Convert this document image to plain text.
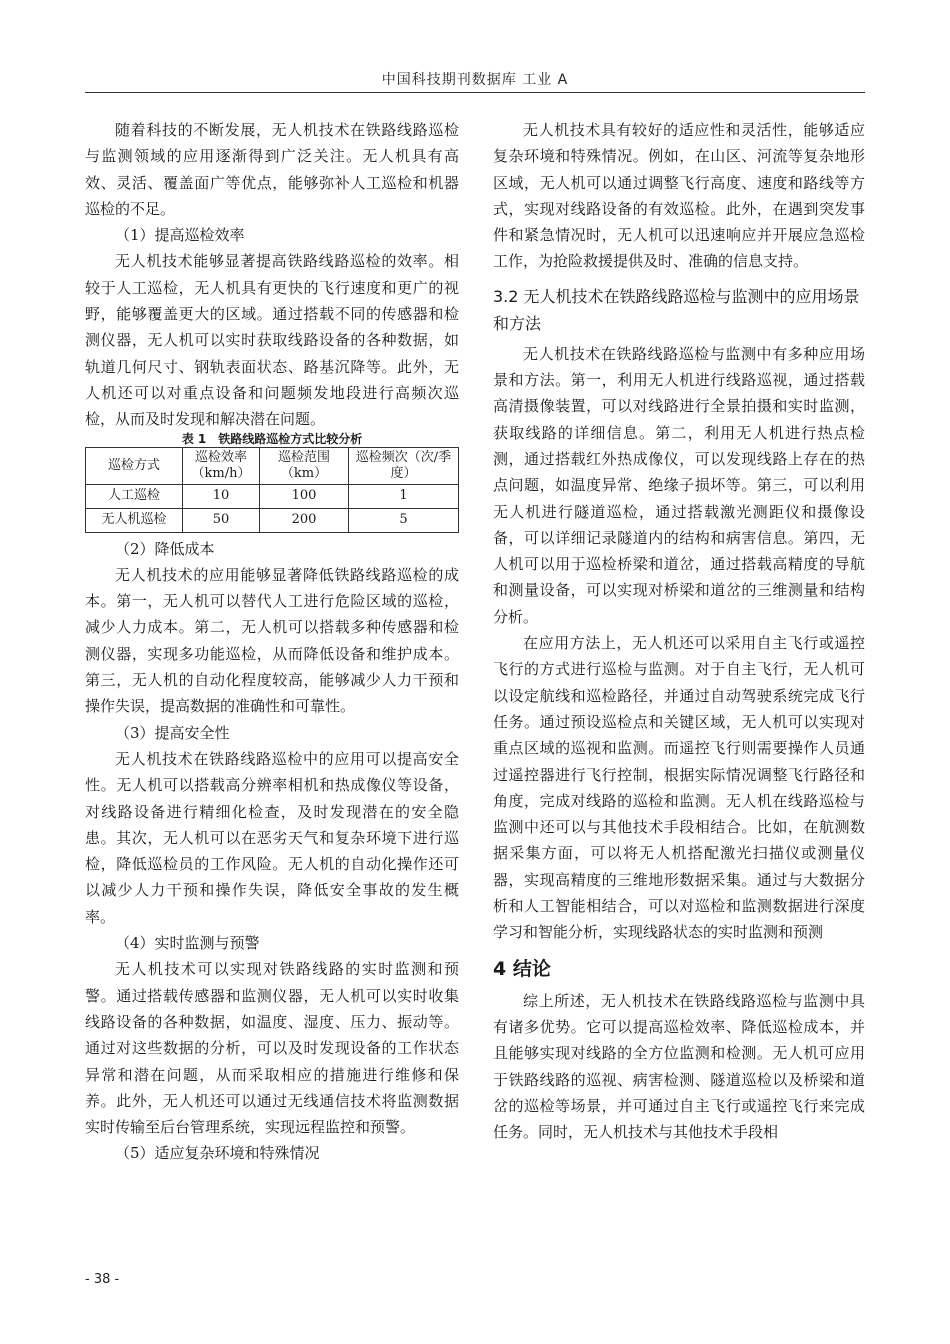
中国科技期刊数据库 工业 A

随着科技的不断发展，无人机技术在铁路线路巡检与监测领域的应用逐渐得到广泛关注。无人机具有高效、灵活、覆盖面广等优点，能够弥补人工巡检和机器巡检的不足。

（1）提高巡检效率

无人机技术能够显著提高铁路线路巡检的效率。相较于人工巡检，无人机具有更快的飞行速度和更广的视野，能够覆盖更大的区域。通过搭载不同的传感器和检测仪器，无人机可以实时获取线路设备的各种数据，如轨道几何尺寸、钢轨表面状态、路基沉降等。此外，无人机还可以对重点设备和问题频发地段进行高频次巡检，从而及时发现和解决潜在问题。

表 1　铁路线路巡检方式比较分析
巡检方式	巡检效率（km/h）	巡检范围（km）	巡检频次（次/季度）
人工巡检	10	100	1
无人机巡检	50	200	5

（2）降低成本

无人机技术的应用能够显著降低铁路线路巡检的成本。第一，无人机可以替代人工进行危险区域的巡检，减少人力成本。第二，无人机可以搭载多种传感器和检测仪器，实现多功能巡检，从而降低设备和维护成本。第三，无人机的自动化程度较高，能够减少人力干预和操作失误，提高数据的准确性和可靠性。

（3）提高安全性

无人机技术在铁路线路巡检中的应用可以提高安全性。无人机可以搭载高分辨率相机和热成像仪等设备，对线路设备进行精细化检查，及时发现潜在的安全隐患。其次，无人机可以在恶劣天气和复杂环境下进行巡检，降低巡检员的工作风险。无人机的自动化操作还可以减少人力干预和操作失误，降低安全事故的发生概率。

（4）实时监测与预警

无人机技术可以实现对铁路线路的实时监测和预警。通过搭载传感器和监测仪器，无人机可以实时收集线路设备的各种数据，如温度、湿度、压力、振动等。通过对这些数据的分析，可以及时发现设备的工作状态异常和潜在问题，从而采取相应的措施进行维修和保养。此外，无人机还可以通过无线通信技术将监测数据实时传输至后台管理系统，实现远程监控和预警。

（5）适应复杂环境和特殊情况

无人机技术具有较好的适应性和灵活性，能够适应复杂环境和特殊情况。例如，在山区、河流等复杂地形区域，无人机可以通过调整飞行高度、速度和路线等方式，实现对线路设备的有效巡检。此外，在遇到突发事件和紧急情况时，无人机可以迅速响应并开展应急巡检工作，为抢险救援提供及时、准确的信息支持。

3.2 无人机技术在铁路线路巡检与监测中的应用场景和方法

无人机技术在铁路线路巡检与监测中有多种应用场景和方法。第一，利用无人机进行线路巡视，通过搭载高清摄像装置，可以对线路进行全景拍摄和实时监测，获取线路的详细信息。第二，利用无人机进行热点检测，通过搭载红外热成像仪，可以发现线路上存在的热点问题，如温度异常、绝缘子损坏等。第三，可以利用无人机进行隧道巡检，通过搭载激光测距仪和摄像设备，可以详细记录隧道内的结构和病害信息。第四，无人机可以用于巡检桥梁和道岔，通过搭载高精度的导航和测量设备，可以实现对桥梁和道岔的三维测量和结构分析。

在应用方法上，无人机还可以采用自主飞行或遥控飞行的方式进行巡检与监测。对于自主飞行，无人机可以设定航线和巡检路径，并通过自动驾驶系统完成飞行任务。通过预设巡检点和关键区域，无人机可以实现对重点区域的巡视和监测。而遥控飞行则需要操作人员通过遥控器进行飞行控制，根据实际情况调整飞行路径和角度，完成对线路的巡检和监测。无人机在线路巡检与监测中还可以与其他技术手段相结合。比如，在航测数据采集方面，可以将无人机搭配激光扫描仪或测量仪器，实现高精度的三维地形数据采集。通过与大数据分析和人工智能相结合，可以对巡检和监测数据进行深度学习和智能分析，实现线路状态的实时监测和预测

4 结论

综上所述，无人机技术在铁路线路巡检与监测中具有诸多优势。它可以提高巡检效率、降低巡检成本，并且能够实现对线路的全方位监测和检测。无人机可应用于铁路线路的巡视、病害检测、隧道巡检以及桥梁和道岔的巡检等场景，并可通过自主飞行或遥控飞行来完成任务。同时，无人机技术与其他技术手段相

- 38 -
